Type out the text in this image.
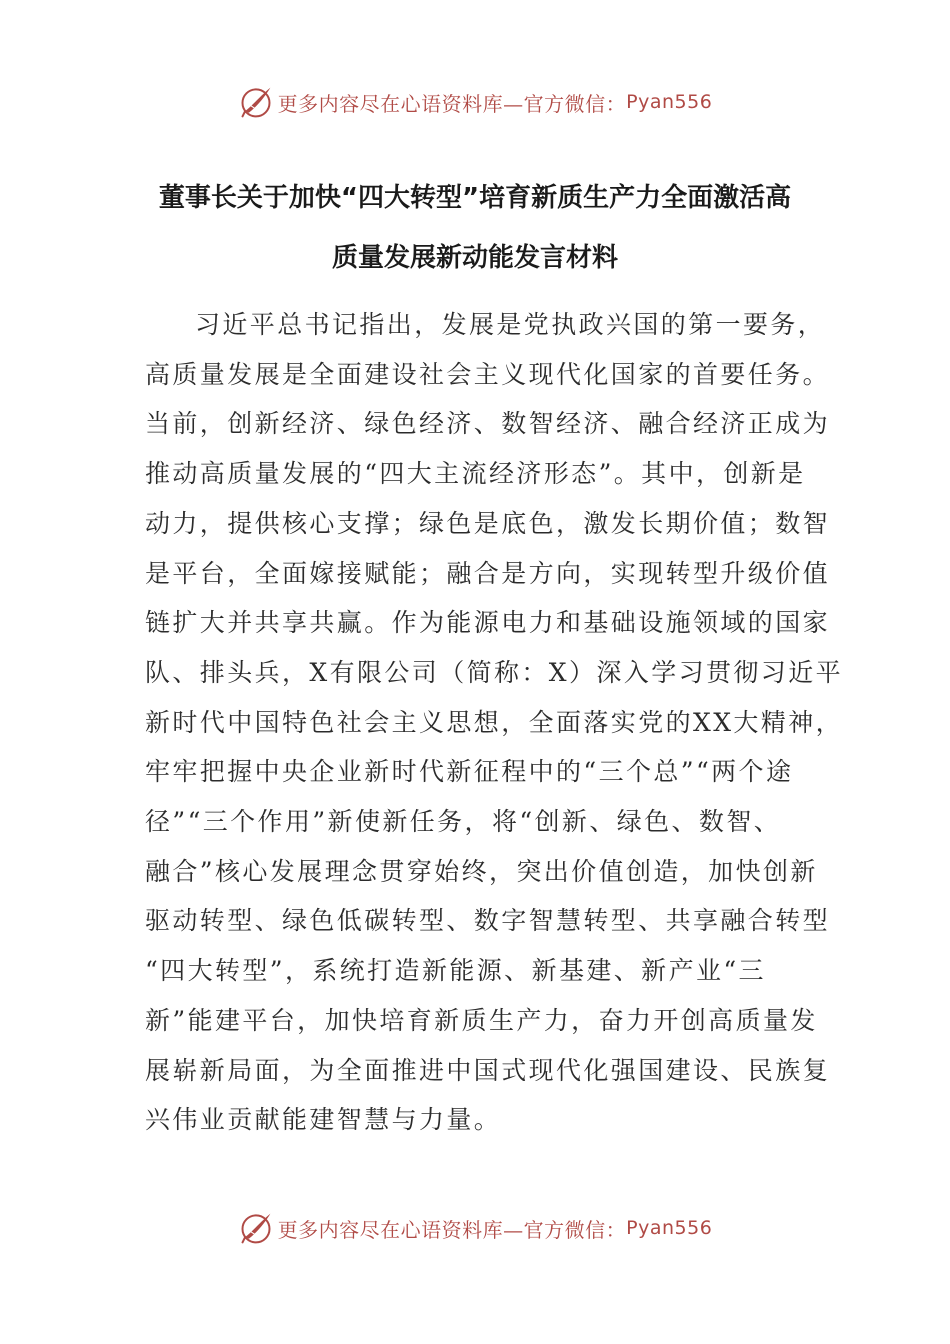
更多内容尽在心语资料库—官方微信： Pyan556
董事长关于加快“四大转型”培育新质生产力全面激活高
质量发展新动能发言材料

习近平总书记指出，发展是党执政兴国的第一要务，
高质量发展是全面建设社会主义现代化国家的首要任务。
当前，创新经济、绿色经济、数智经济、融合经济正成为
推动高质量发展的“四大主流经济形态”。其中，创新是
动力，提供核心支撑；绿色是底色，激发长期价值；数智
是平台，全面嫁接赋能；融合是方向，实现转型升级价值
链扩大并共享共赢。作为能源电力和基础设施领域的国家
队、排头兵，X有限公司（简称：X）深入学习贯彻习近平
新时代中国特色社会主义思想，全面落实党的XX大精神，
牢牢把握中央企业新时代新征程中的“三个总”“两个途
径”“三个作用”新使新任务，将“创新、绿色、数智、
融合”核心发展理念贯穿始终，突出价值创造，加快创新
驱动转型、绿色低碳转型、数字智慧转型、共享融合转型
“四大转型”，系统打造新能源、新基建、新产业“三
新”能建平台，加快培育新质生产力，奋力开创高质量发
展崭新局面，为全面推进中国式现代化强国建设、民族复
兴伟业贡献能建智慧与力量。

更多内容尽在心语资料库—官方微信： Pyan556
